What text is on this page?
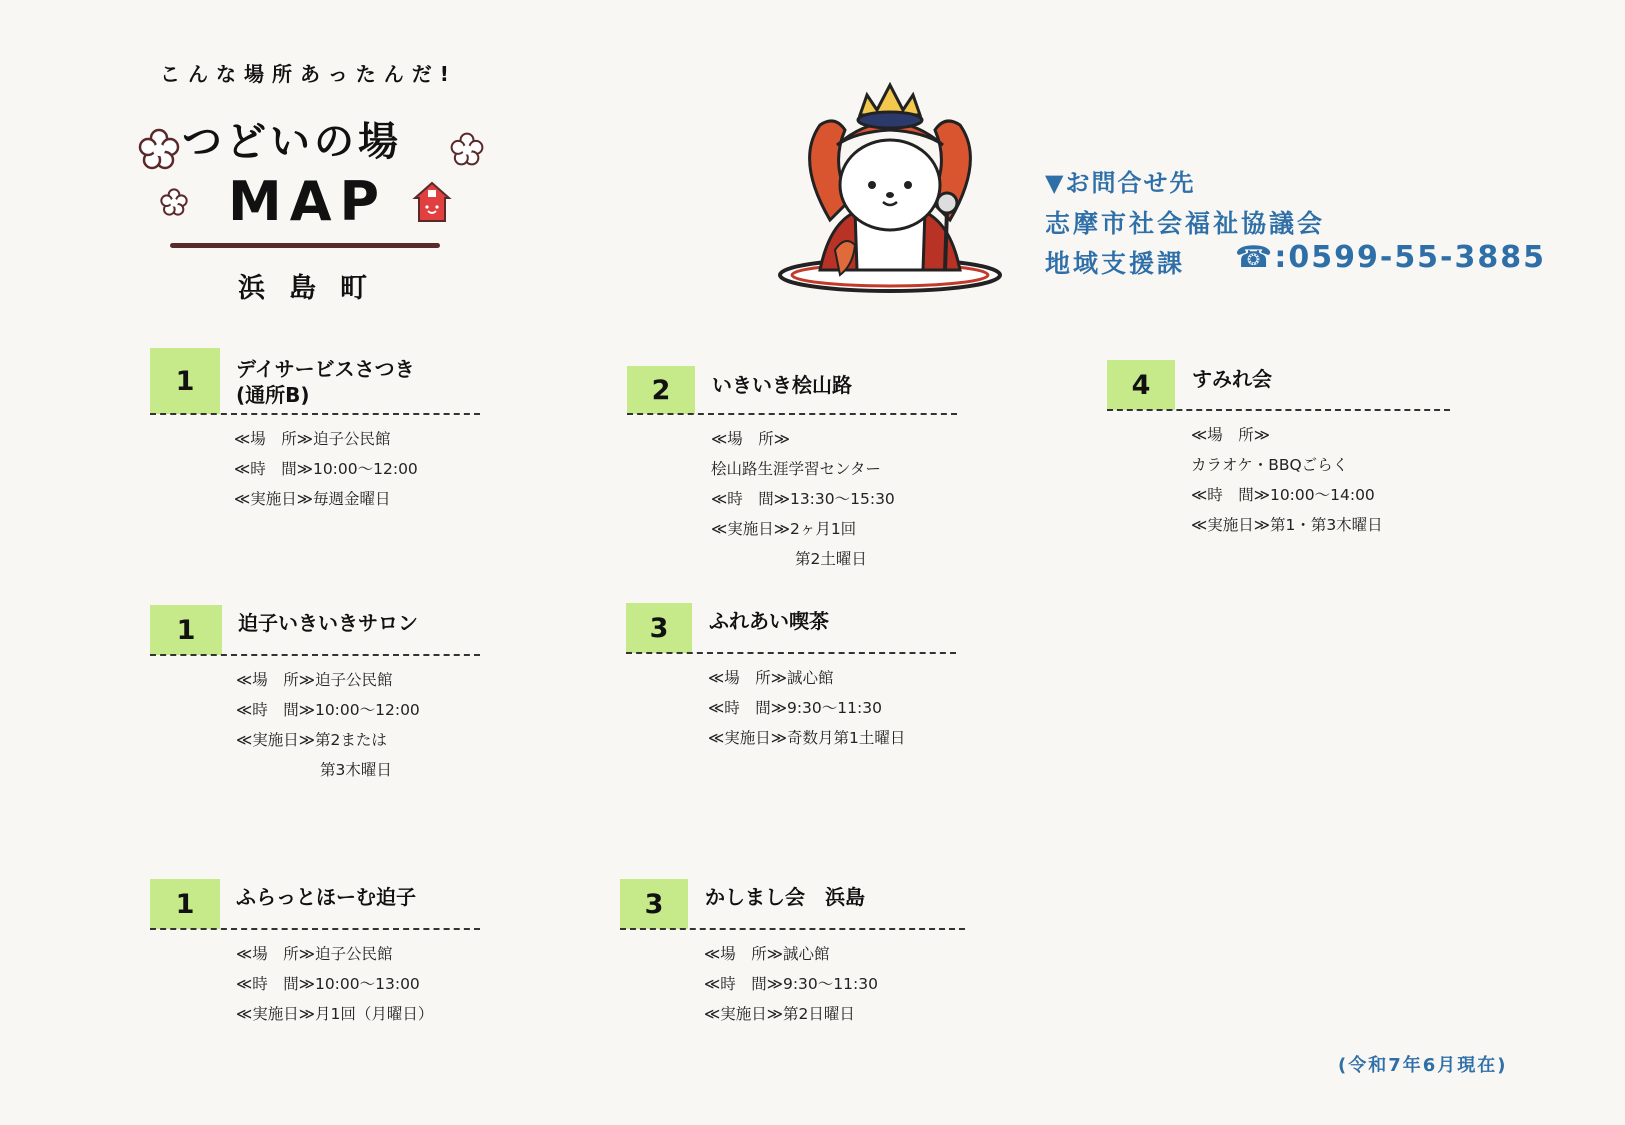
こんな場所あったんだ!
つどいの場
MAP
浜島町
▼お問合せ先
志摩市社会福祉協議会
地域支援課 ☎:0599-55-3885
1	デイサービスさつき
(通所B)
≪場　所≫迫子公民館
≪時　間≫10:00～12:00
≪実施日≫毎週金曜日
2	いきいき桧山路
≪場　所≫
桧山路生涯学習センター
≪時　間≫13:30～15:30
≪実施日≫2ヶ月1回
第2土曜日
4	すみれ会
≪場　所≫
カラオケ・BBQごらく
≪時　間≫10:00～14:00
≪実施日≫第1・第3木曜日
1	迫子いきいきサロン
≪場　所≫迫子公民館
≪時　間≫10:00～12:00
≪実施日≫第2または
第3木曜日
3	ふれあい喫茶
≪場　所≫誠心館
≪時　間≫9:30～11:30
≪実施日≫奇数月第1土曜日
1	ふらっとほーむ迫子
≪場　所≫迫子公民館
≪時　間≫10:00～13:00
≪実施日≫月1回（月曜日）
3	かしまし会　浜島
≪場　所≫誠心館
≪時　間≫9:30～11:30
≪実施日≫第2日曜日
(令和7年6月現在)
